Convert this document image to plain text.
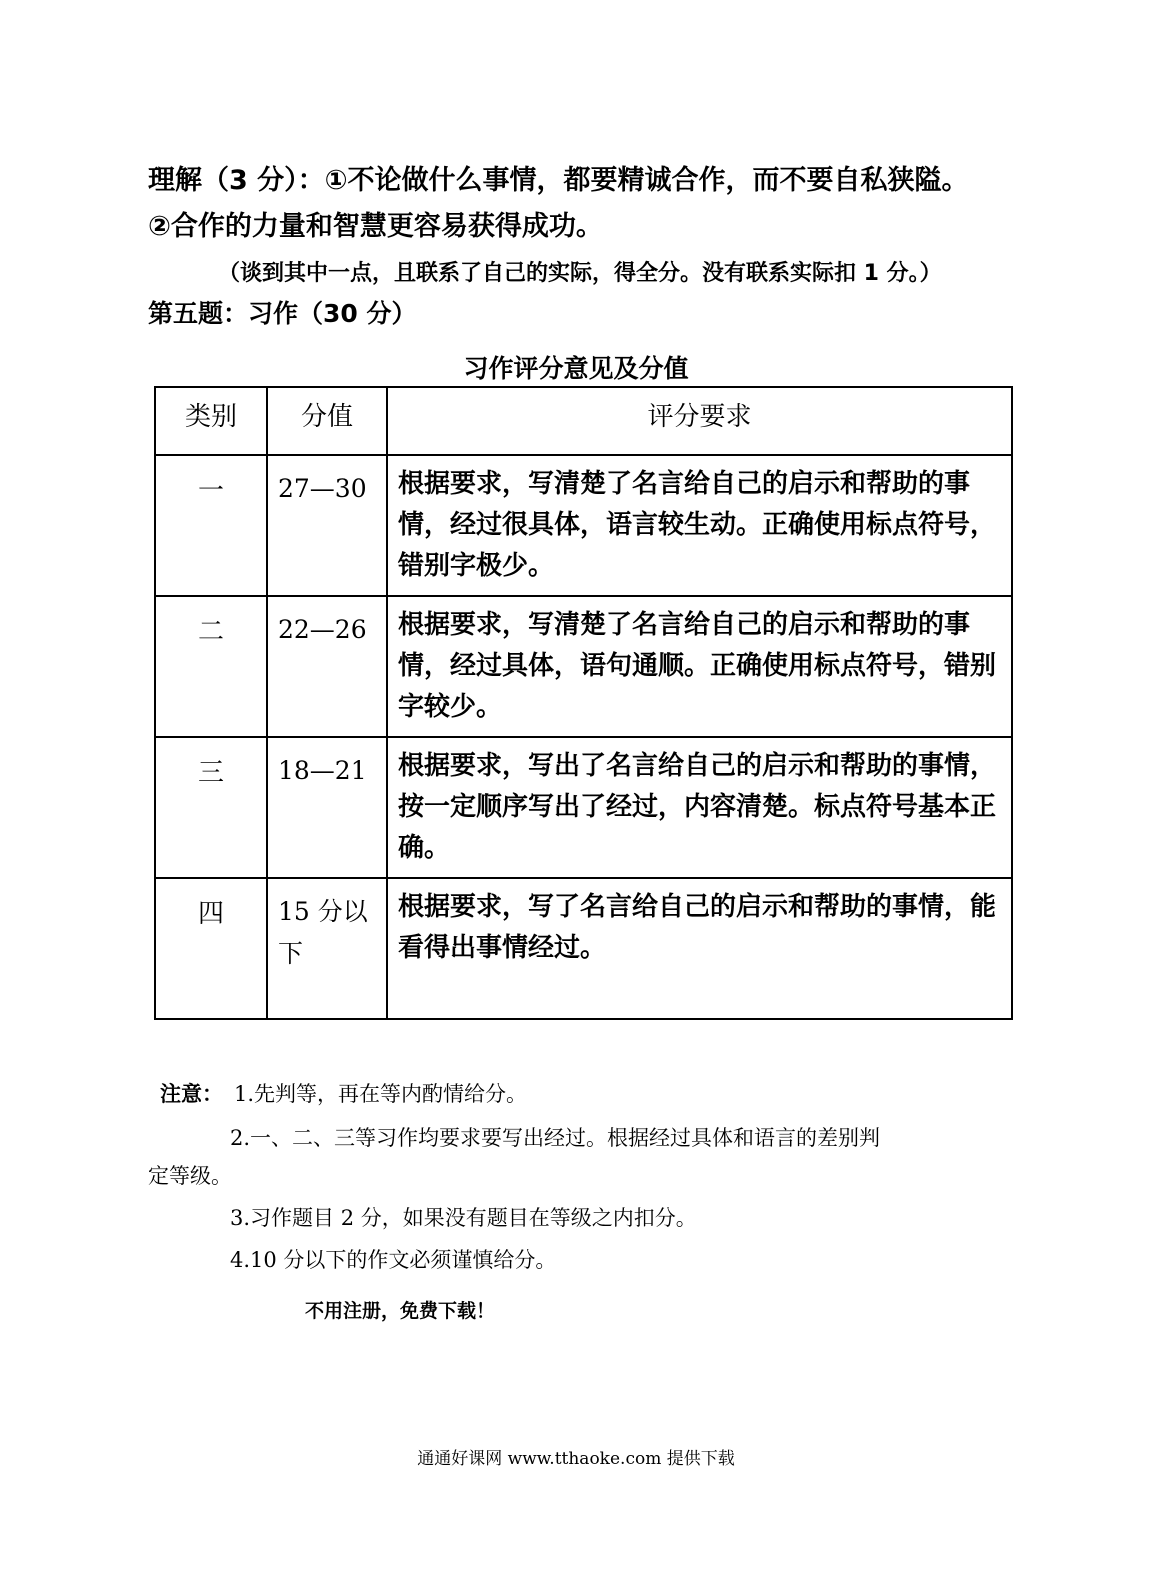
理解（3 分）：①不论做什么事情，都要精诚合作，而不要自私狭隘。
②合作的力量和智慧更容易获得成功。
（谈到其中一点，且联系了自己的实际，得全分。没有联系实际扣 1 分。）
第五题：习作（30 分）
习作评分意见及分值
类别	分值	评分要求
一	27—30	根据要求，写清楚了名言给自己的启示和帮助的事情，经过很具体，语言较生动。正确使用标点符号，错别字极少。
二	22—26	根据要求，写清楚了名言给自己的启示和帮助的事情，经过具体，语句通顺。正确使用标点符号，错别字较少。
三	18—21	根据要求，写出了名言给自己的启示和帮助的事情，按一定顺序写出了经过，内容清楚。标点符号基本正确。
四	15 分以下	根据要求，写了名言给自己的启示和帮助的事情，能看得出事情经过。
注意： 1.先判等，再在等内酌情给分。
2.一、二、三等习作均要求要写出经过。根据经过具体和语言的差别判
定等级。
3.习作题目 2 分，如果没有题目在等级之内扣分。
4.10 分以下的作文必须谨慎给分。
不用注册，免费下载！
通通好课网 www.tthaoke.com 提供下载
